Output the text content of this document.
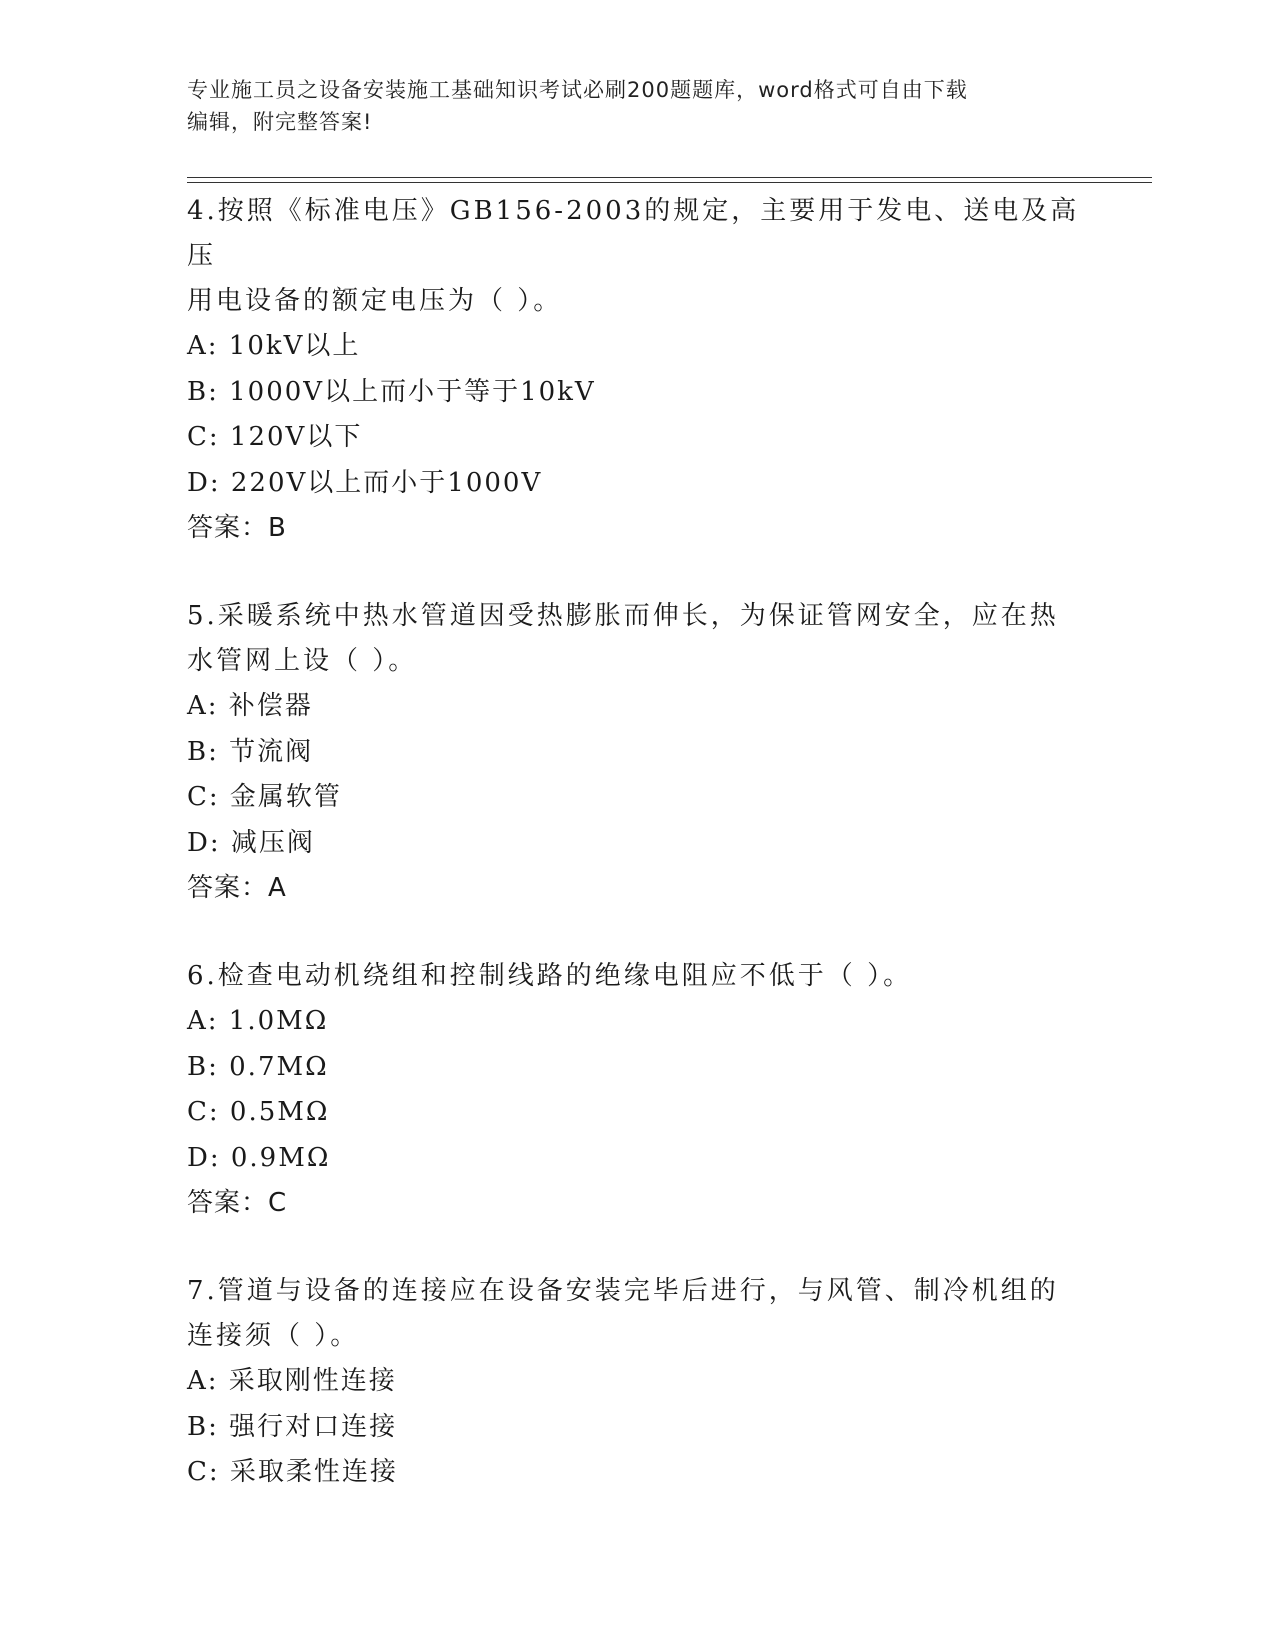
专业施工员之设备安装施工基础知识考试必刷200题题库，word格式可自由下载
编辑，附完整答案!

4.按照《标准电压》GB156-2003的规定，主要用于发电、送电及高压
用电设备的额定电压为（ ）。

A: 10kV以上

B: 1000V以上而小于等于10kV

C: 120V以下

D: 220V以上而小于1000V

答案：B

5.采暖系统中热水管道因受热膨胀而伸长，为保证管网安全，应在热
水管网上设（ ）。

A: 补偿器

B: 节流阀

C: 金属软管

D: 减压阀

答案：A

6.检查电动机绕组和控制线路的绝缘电阻应不低于（ ）。

A: 1.0MΩ

B: 0.7MΩ

C: 0.5MΩ

D: 0.9MΩ

答案：C

7.管道与设备的连接应在设备安装完毕后进行，与风管、制冷机组的
连接须（ ）。

A: 采取刚性连接

B: 强行对口连接

C: 采取柔性连接
